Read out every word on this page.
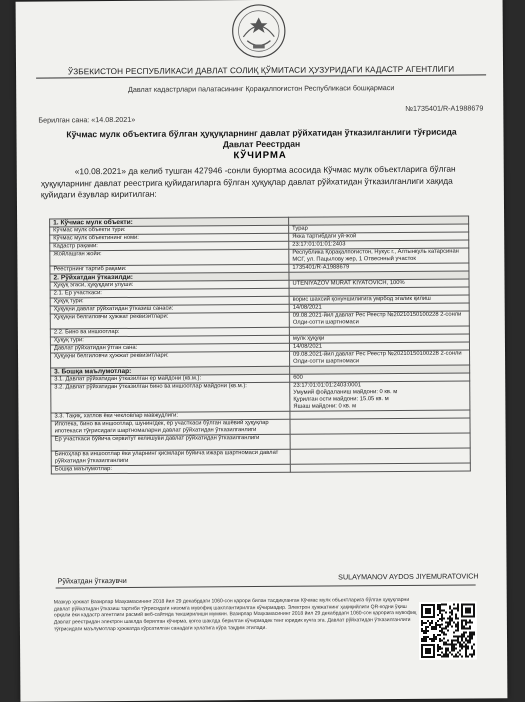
ЎЗБЕКИСТОН РЕСПУБЛИКАСИ ДАВЛАТ СОЛИҚ ҚЎМИТАСИ ҲУЗУРИДАГИ КАДАСТР АГЕНТЛИГИ
Давлат кадастрлари палатасининг Қорақалпоғистон Республикаси бошқармаси
№1735401/R-A1988679
Берилган сана: «14.08.2021»
Кўчмас мулк объектига бўлган ҳуқуқларнинг давлат рўйхатидан ўтказилганлиги тўғрисида
Давлат Реестрдан
КЎЧИРМА
«10.08.2021» да келиб тушган 427946 -сонли буюртма асосида Кўчмас мулк объектларига бўлган ҳуқуқларнинг давлат реестрига қуйидагиларга бўлган ҳуқуқлар давлат рўйхатидан ўтказилганлиги хақида қуйидаги ёзувлар киритилган:
1. Кўчмас мулк объекти:	
Кўчмас мулк объекти тури:	Турар
Кўчмас мулк объектининг номи:	Якка тартибдаги уй-жой
Кадастр рақами:	23:17:01:01:01:2403
Жойлашган жойи:	Республика Қорақалпоғистон, Нукус г., Алтынкуль катарсинан МСГ, ул. Пацылову жер, 1 Отвеснный участок
Реестрнинг тартиб рақами:	1735401/R-A1988679
2. Рўйхатдан ўтказилди:	
Ҳуқуқ эгаси, ҳуқуқдаги улуши:	UTENIYAZOV MURAT KIYATOVICH, 100%
2.1. Ер участкаси:	
Ҳуқуқ тури:	ворис шахсий қонуншилигига умрбод эгалик қилиш
Ҳуқуқни давлат рўйхатидан ўтказиш санаси:	14/08/2021
Ҳуқуқни белгиловчи ҳужжат реквизитлари:	09.08.2021-йил давлат Рес Реестр №20210150100228 2-сонли Олди-сотти шартномаси
2.2. Бино ва иншоотлар:	
Ҳуқуқ тури:	мулк ҳуқуқи
Давлат рўйхатидан ўтган сана:	14/08/2021
Ҳуқуқни белгиловчи ҳужжат реквизитлари:	09.08.2021-йил давлат Рес Реестр №20210150100228 2-сонли Олди-сотти шартномаси
3. Бошқа маълумотлар:	
3.1. Давлат рўйхатидан ўтказилган ер майдони (кв.м.):	600
3.2. Давлат рўйхатидан ўтказилган бино ва иншоотлар майдони (кв.м.):	23:17:01:01:01:2403:0001
Умумий фойдаланиш майдони: 0 кв. м
Қурилган ости майдони: 15.05 кв. м
Яшаш майдони: 0 кв. м
3.3. Тақиқ, хатлов ёки чекловлар мавжудлиги:	
Ипотека, бино ва иншоотлар, шунингдек, ер участкаси бўлган ашёвий ҳуқуқлар ипотекаси тўғрисидаги шартномаларни давлат рўйхатидан ўтказилганлиги	
Ер участкаси бўйича сервитут келишуви давлат рўйхатидан ўтказилганлиги	
Биноҳлар ва иншоотлар ёки уларнинг қисмлари бўйича ижара шартномаси давлат рўйхатидан ўтказилганлиги	
Бошқа маълумотлар:	
Рўйхатдан ўтказувчи	SULAYMANOV AYDOS JIYEMURATOVICH
Мазкур ҳужжат Вазирлар Маҳкамасининг 2018 йил 29 декабрдаги 1060-сон қарори билан тасдиқланган Кўчмас мулк объектларига бўлган ҳуқуқларни давлат рўйхатидан ўтказиш тартиби тўғрисидаги низомга мувофиқ шакллантирилган кўчирмадир. Электрон ҳужжатнинг ҳақиқийлиги QR-кодни ўқиш орқали ёки кадастр агентлиги расмий веб-сайтида текширилиши мумкин. Вазирлар Маҳкамасининг 2018 йил 29 декабрдаги 1060-сон қарорига мувофиқ Давлат реестридан электрон шаклда берилган кўчирма, қоғоз шаклда берилган кўчирмадек тенг юридик кучга эга. Давлат рўйхатидан ўтказилганлиги тўғрисидаги маълумотлар ҳужжатда кўрсатилган санадаги ҳолатига кўра тақдим этилади.
